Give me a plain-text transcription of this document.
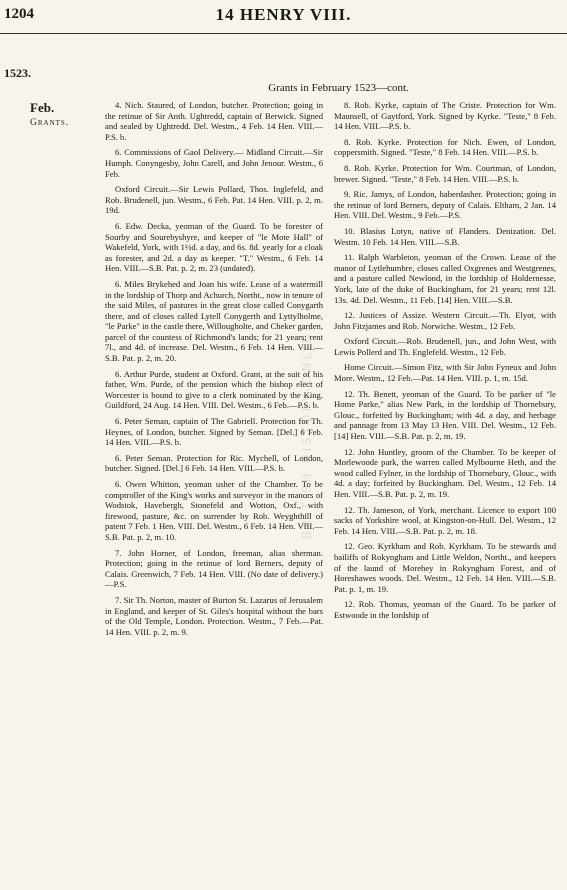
1204	14 HENRY VIII.
1523.
Grants in February 1523—cont.
Feb.
Grants.
BRITISH HISTORY ONLINE

4. Nich. Staured, of London, butcher. Protection; going in the retinue of Sir Anth. Ughtredd, captain of Berwick. Signed and sealed by Ughtredd. Del. Westm., 4 Feb. 14 Hen. VIII.—P.S. b.

6. Commissions of Gaol Delivery.— Midland Circuit.—Sir Humph. Conyngesby, John Carell, and John Jenour. Westm., 6 Feb.

Oxford Circuit.—Sir Lewis Pollard, Thos. Inglefeld, and Rob. Brudenell, jun. Westm., 6 Feb. Pat. 14 Hen. VIII. p. 2, m. 19d.

6. Edw. Decka, yeoman of the Guard. To be forester of Sourby and Sourebyshyre, and keeper of "le Mote Hall" of Wakefeld, York, with 1½d. a day, and 6s. 8d. yearly for a cloak as forester, and 2d. a day as keeper. "T." Westm., 6 Feb. 14 Hen. VIII.—S.B. Pat. p. 2, m. 23 (undated).

6. Miles Brykehed and Joan his wife. Lease of a watermill in the lordship of Thorp and Achurch, Northt., now in tenure of the said Miles, of pastures in the great close called Conygarth there, and of closes called Lytell Conygerth and Lyttylholme, "le Parke" in the castle there, Willougholte, and Cheker garden, parcel of the countess of Richmond's lands; for 21 years; rent 7l., and 4d. of increase. Del. Westm., 6 Feb. 14 Hen. VIII.—S.B. Pat. p. 2, m. 20.

6. Arthur Purde, student at Oxford. Grant, at the suit of his father, Wm. Purde, of the pension which the bishop elect of Worcester is bound to give to a clerk nominated by the King. Guildford, 24 Aug. 14 Hen. VIII. Del. Westm., 6 Feb.—P.S. b.

6. Peter Seman, captain of The Gabriell. Protection for Th. Heynes, of London, butcher. Signed by Seman. [Del.] 6 Feb. 14 Hen. VIII.—P.S. b.

6. Peter Seman. Protection for Ric. Mychell, of London, butcher. Signed. [Del.] 6 Feb. 14 Hen. VIII.—P.S. b.

6. Owen Whitton, yeoman usher of the Chamber. To be comptroller of the King's works and surveyor in the manors of Wodstok, Havebergh, Stonefeld and Wotton, Oxf., with firewood, pasture, &c. on surrender by Rob. Weyghthill of patent 7 Feb. 1 Hen. VIII. Del. Westm., 6 Feb. 14 Hen. VIII.—S.B. Pat. p. 2, m. 10.

7. John Horner, of London, freeman, alias sherman. Protection; going in the retinue of lord Berners, deputy of Calais. Greenwich, 7 Feb. 14 Hen. VIII. (No date of delivery.)—P.S.

7. Sir Th. Norton, master of Burton St. Lazarus of Jerusalem in England, and keeper of St. Giles's hospital without the bars of the Old Temple, London. Protection. Westm., 7 Feb.—Pat. 14 Hen. VIII. p. 2, m. 9.

8. Rob. Kyrke, captain of The Criste. Protection for Wm. Maunsell, of Gaytford, York. Signed by Kyrke. "Teste," 8 Feb. 14 Hen. VIII.—P.S. b.

8. Rob. Kyrke. Protection for Nich. Ewen, of London, coppersmith. Signed. "Teste," 8 Feb. 14 Hen. VIII.—P.S. b.

8. Rob. Kyrke. Protection for Wm. Courtman, of London, brewer. Signed. "Teste," 8 Feb. 14 Hen. VIII.—P.S. b.

9. Ric. Jamys, of London, haberdasher. Protection; going in the retinue of lord Berners, deputy of Calais. Eltham, 2 Jan. 14 Hen. VIII. Del. Westm., 9 Feb.—P.S.

10. Blasius Lotyn, native of Flanders. Denization. Del. Westm. 10 Feb. 14 Hen. VIII.—S.B.

11. Ralph Warbleton, yeoman of the Crown. Lease of the manor of Lytlehumbre, closes called Oxgrenes and Westgrenes, and a pasture called Newlond, in the lordship of Holdernesse, York, late of the duke of Buckingham, for 21 years; rent 12l. 13s. 4d. Del. Westm., 11 Feb. [14] Hen. VIII.—S.B.

12. Justices of Assize. Western Circuit.—Th. Elyot, with John Fitzjames and Rob. Norwiche. Westm., 12 Feb.

Oxford Circuit.—Rob. Brudenell, jun., and John West, with Lewis Pollerd and Th. Englefeld. Westm., 12 Feb.

Home Circuit.—Simon Fitz, with Sir John Fyneux and John More. Westm., 12 Feb.—Pat. 14 Hen. VIII. p. 1, m. 15d.

12. Th. Benett, yeoman of the Guard. To be parker of "le Home Parke," alias New Park, in the lordship of Thornebury, Glouc., forfeited by Buckingham; with 4d. a day, and herbage and pannage from 13 May 13 Hen. VIII. Del. Westm., 12 Feb. [14] Hen. VIII.—S.B. Pat. p. 2, m. 19.

12. John Huntley, groom of the Chamber. To be keeper of Morlewoode park, the warren called Mylbourne Heth, and the wood called Fylner, in the lordship of Thornebury, Glouc., with 4d. a day; forfeited by Buckingham. Del. Westm., 12 Feb. 14 Hen. VIII.—S.B. Pat. p. 2, m. 19.

12. Th. Jameson, of York, merchant. Licence to export 100 sacks of Yorkshire wool, at Kingston-on-Hull. Del. Westm., 12 Feb. 14 Hen. VIII.—S.B. Pat. p. 2, m. 18.

12. Geo. Kyrkham and Rob. Kyrkham. To be stewards and bailiffs of Rokyngham and Little Weldon, Northt., and keepers of the laund of Morehey in Rokyngham Forest, and of Horeshawes woods. Del. Westm., 12 Feb. 14 Hen. VIII.—S.B. Pat. p. 1, m. 19.

12. Rob. Thomas, yeoman of the Guard. To be parker of Estwoode in the lordship of
